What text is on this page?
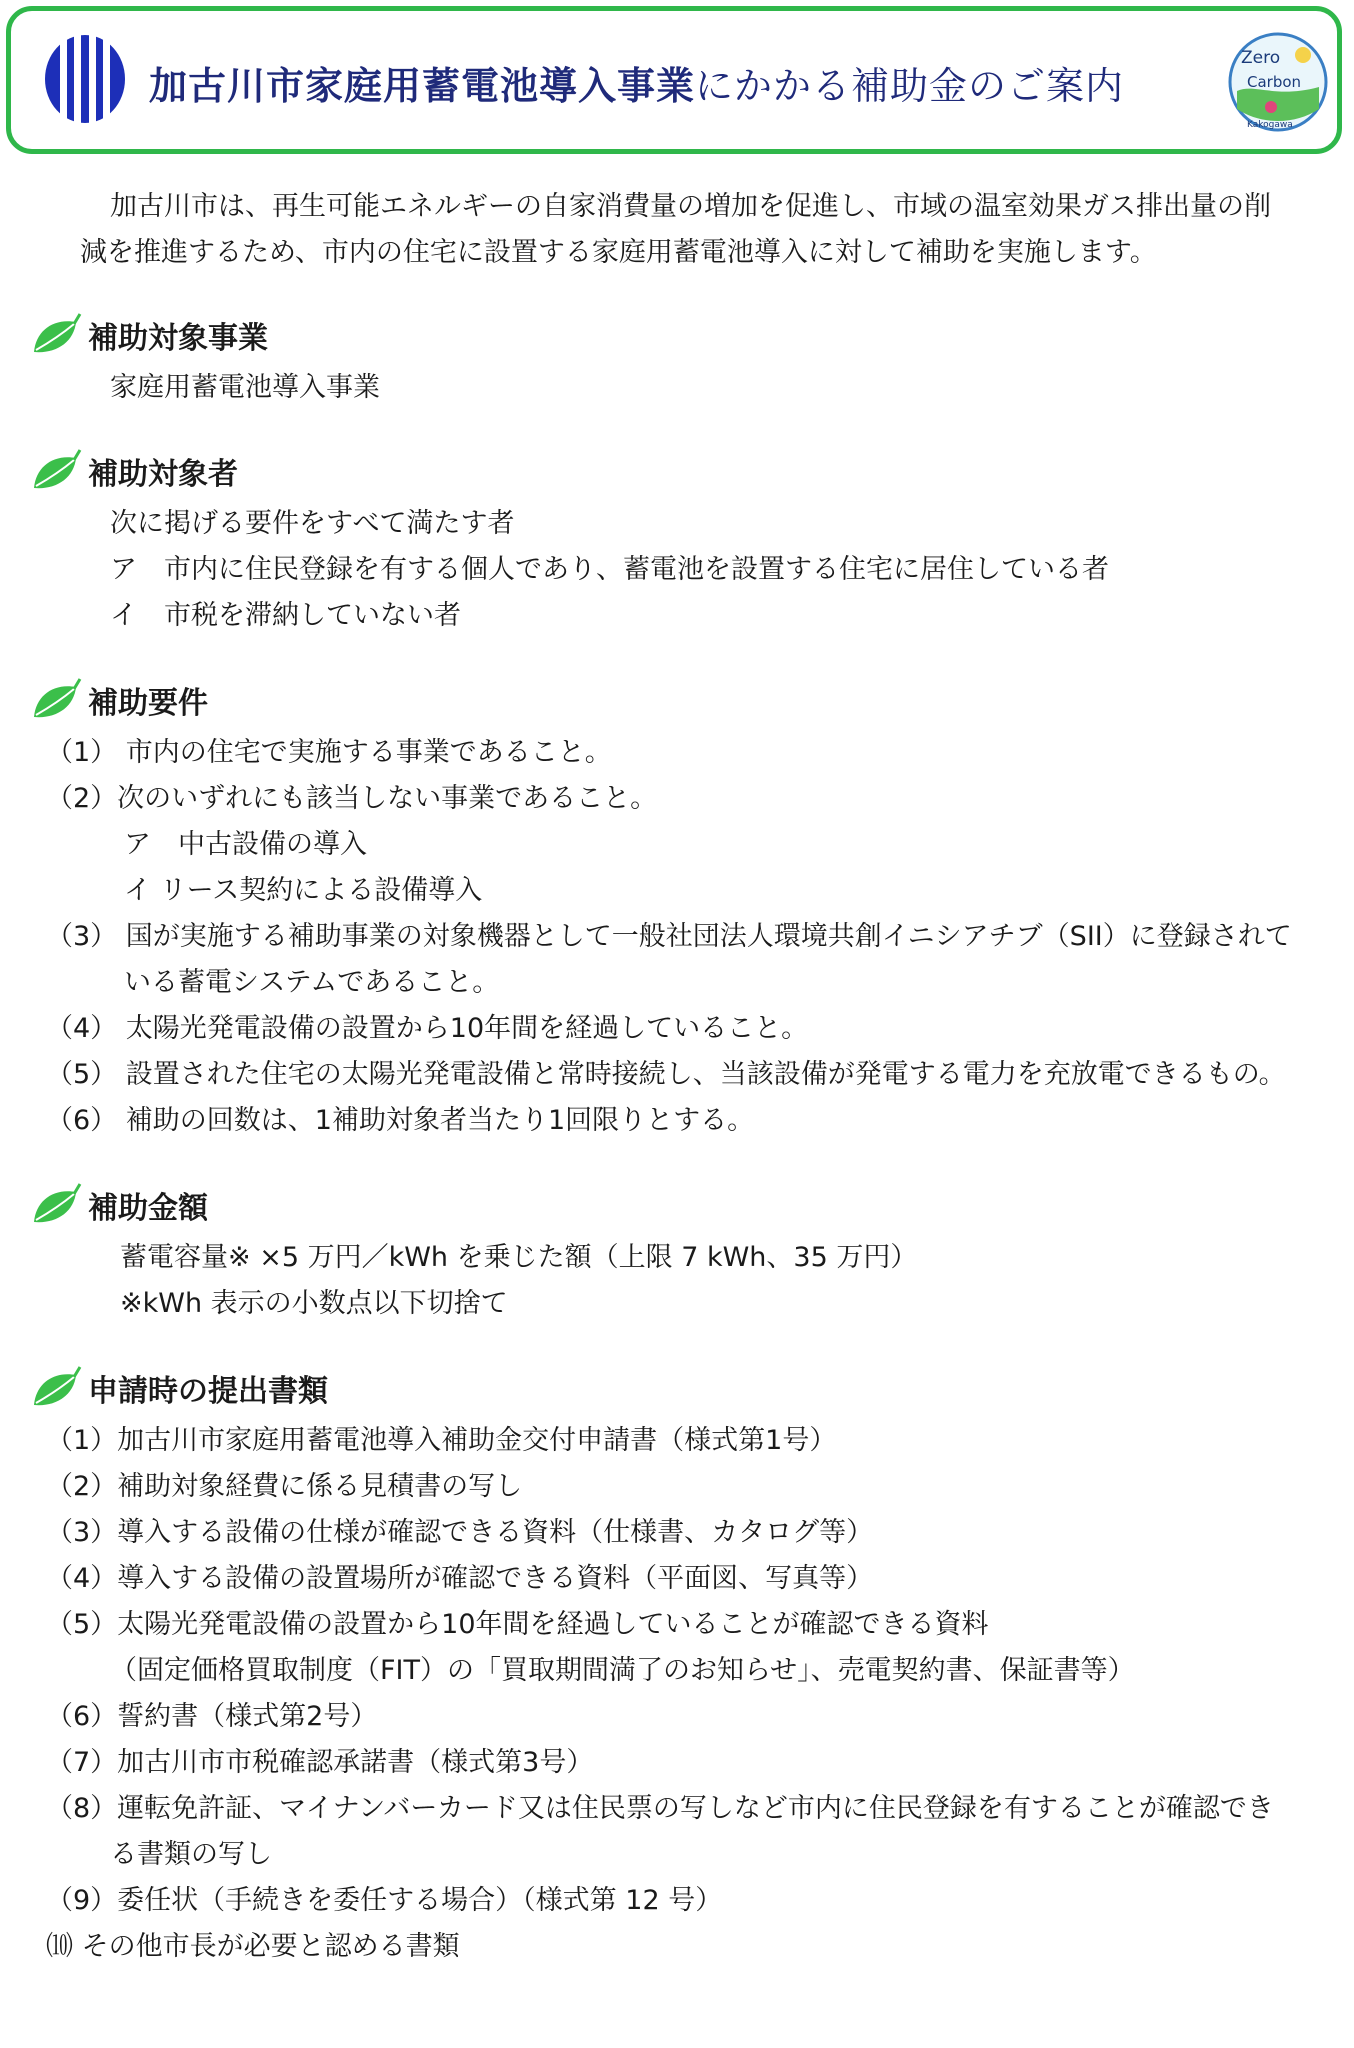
加古川市家庭用蓄電池導入事業にかかる補助金のご案内
Zero
Carbon
Kakogawa
加古川市は、再生可能エネルギーの自家消費量の増加を促進し、市域の温室効果ガス排出量の削
減を推進するため、市内の住宅に設置する家庭用蓄電池導入に対して補助を実施します。
補助対象事業
家庭用蓄電池導入事業
補助対象者
次に掲げる要件をすべて満たす者
ア　市内に住民登録を有する個人であり、蓄電池を設置する住宅に居住している者
イ　市税を滞納していない者
補助要件
（1） 市内の住宅で実施する事業であること。
（2）次のいずれにも該当しない事業であること。
ア　中古設備の導入
イ リース契約による設備導入
（3） 国が実施する補助事業の対象機器として一般社団法人環境共創イニシアチブ（SII）に登録されて
いる蓄電システムであること。
（4） 太陽光発電設備の設置から10年間を経過していること。
（5） 設置された住宅の太陽光発電設備と常時接続し、当該設備が発電する電力を充放電できるもの。
（6） 補助の回数は、1補助対象者当たり1回限りとする。
補助金額
蓄電容量※ ×5 万円／kWh を乗じた額（上限 7 kWh、35 万円）
※kWh 表示の小数点以下切捨て
申請時の提出書類
（1）加古川市家庭用蓄電池導入補助金交付申請書（様式第1号）
（2）補助対象経費に係る見積書の写し
（3）導入する設備の仕様が確認できる資料（仕様書、カタログ等）
（4）導入する設備の設置場所が確認できる資料（平面図、写真等）
（5）太陽光発電設備の設置から10年間を経過していることが確認できる資料
（固定価格買取制度（FIT）の「買取期間満了のお知らせ」、売電契約書、保証書等）
（6）誓約書（様式第2号）
（7）加古川市市税確認承諾書（様式第3号）
（8）運転免許証、マイナンバーカード又は住民票の写しなど市内に住民登録を有することが確認でき
る書類の写し
（9）委任状（手続きを委任する場合）（様式第 12 号）
⑽ その他市長が必要と認める書類
